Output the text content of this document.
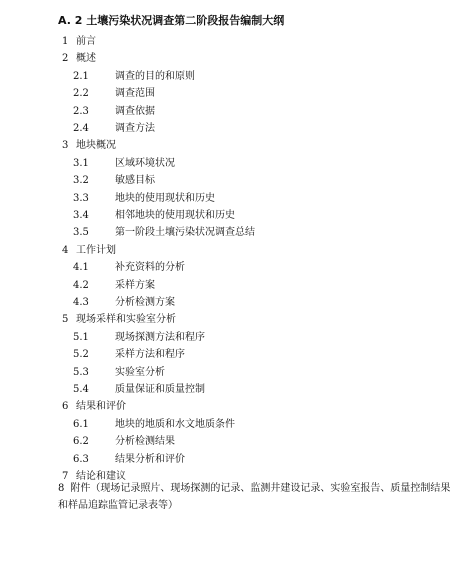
A. 2 土壤污染状况调查第二阶段报告编制大纲
1 前言
2 概述
2.1	调查的目的和原则
2.2	调查范围
2.3	调查依据
2.4	调查方法
3 地块概况
3.1	区域环境状况
3.2	敏感目标
3.3	地块的使用现状和历史
3.4	相邻地块的使用现状和历史
3.5	第一阶段土壤污染状况调查总结
4 工作计划
4.1	补充资料的分析
4.2	采样方案
4.3	分析检测方案
5 现场采样和实验室分析
5.1	现场探测方法和程序
5.2	采样方法和程序
5.3	实验室分析
5.4	质量保证和质量控制
6 结果和评价
6.1	地块的地质和水文地质条件
6.2	分析检测结果
6.3	结果分析和评价
7 结论和建议
8 附件（现场记录照片、现场探测的记录、监测井建设记录、实验室报告、质量控制结果和样品追踪监管记录表等）
